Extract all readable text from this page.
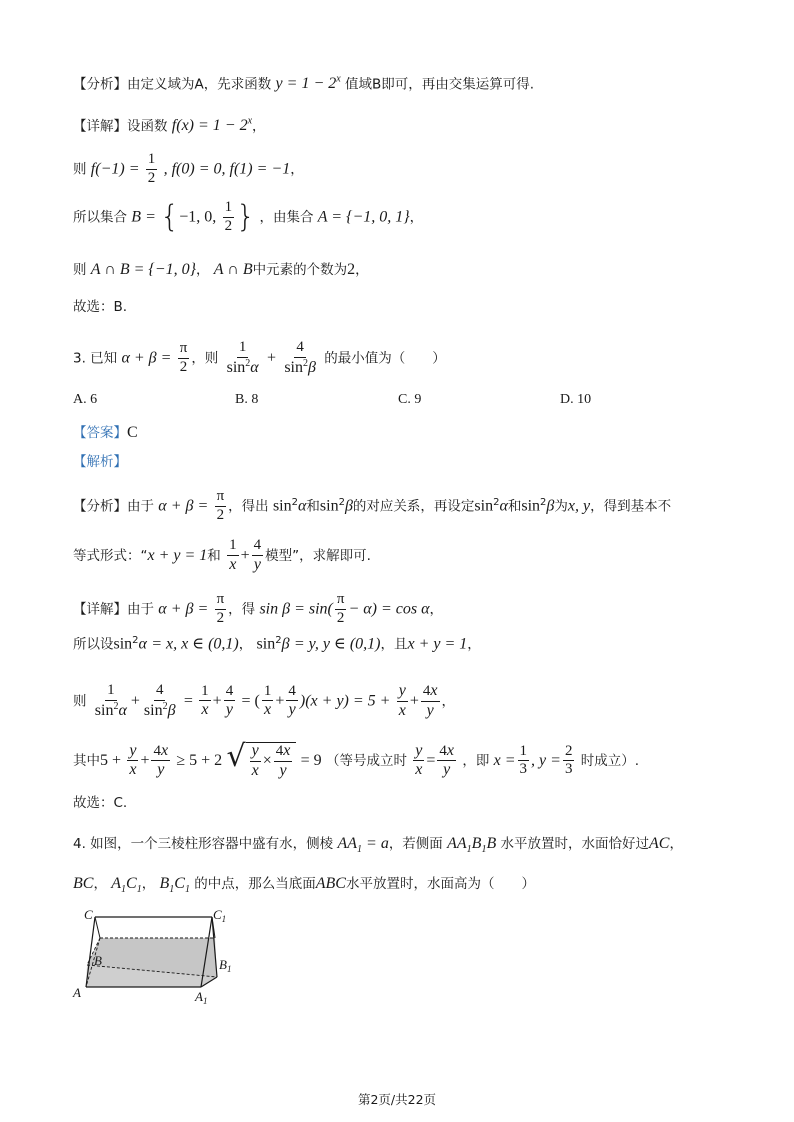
【分析】由定义域为A，先求函数 $y = 1 - 2^x$ 值域B即可，再由交集运算可得.
【详解】设函数 $f(x) = 1 - 2^x$，
则 $f(-1) = \frac{1}{2}$ , f(0) = 0, f(1) = −1，
所以集合 B = {−1, 0, $\frac{1}{2}$ } ，由集合 A = {−1, 0, 1}，
则 A ∩ B = {−1, 0}， A ∩ B中元素的个数为2，
故选：B.
3. 已知 $\alpha + \beta = \frac{\pi}{2}$ ，则 $\frac{1}{\sin^2\alpha} + \frac{4}{\sin^2\beta}$ 的最小值为（　　）
A. 6	B. 8	C. 9	D. 10
【答案】C
【解析】
【分析】由于 $\alpha + \beta = \frac{\pi}{2}$ ，得出 $\sin^2\alpha$和$\sin^2\beta$的对应关系，再设定$\sin^2\alpha$和$\sin^2\beta$为x, y，得到基本不
等式形式：“x + y = 1和 $\frac{1}{x} + \frac{4}{y}$ 模型”，求解即可.
【详解】由于 $\alpha + \beta = \frac{\pi}{2}$ ，得 $\sin \beta = \sin( \frac{\pi}{2} - \alpha) = \cos \alpha$，
所以设$\sin^2\alpha = x$, x ∈ (0,1)， $\sin^2\beta = y$, y ∈ (0,1)，且x + y = 1，
则 $\frac{1}{\sin^2\alpha} + \frac{4}{\sin^2\beta} = \frac{1}{x} + \frac{4}{y}$ = ( $\frac{1}{x} + \frac{4}{y} )(x + y) = 5 + \frac{y}{x} + \frac{4x}{y}$ ，
其中$5 + \frac{y}{x} + \frac{4x}{y} \ge 5 + 2$ √ $\frac{y}{x} \times \frac{4x}{y} = 9$ （等号成立时 $\frac{y}{x} = \frac{4x}{y}$ ，即 $x = \frac{1}{3}$ , $y = \frac{2}{3}$ 时成立）.
故选：C.
4. 如图，一个三棱柱形容器中盛有水，侧棱 $AA_1 = a$，若侧面 $AA_1B_1B$ 水平放置时，水面恰好过AC，
BC， $A_1C_1$， $B_1C_1$ 的中点，那么当底面ABC水平放置时，水面高为（　　）
C	$C_1$
B	$B_1$
A	$A_1$
第2页/共22页
